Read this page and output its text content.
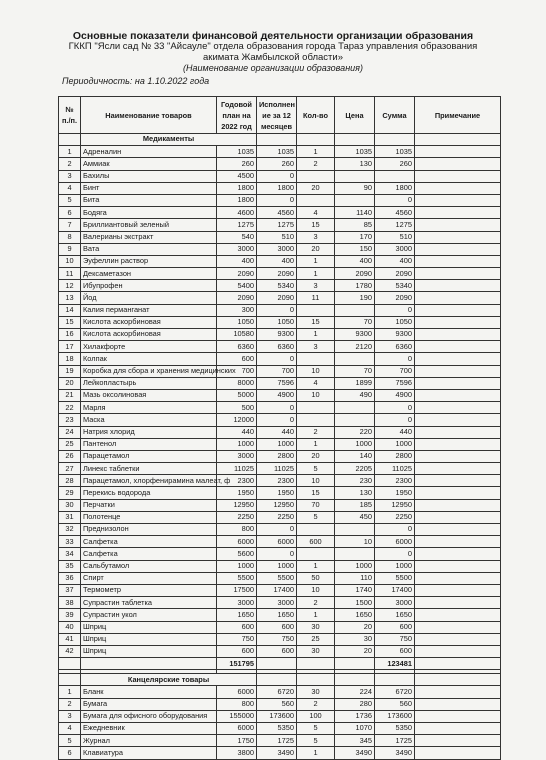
Основные показатели финансовой деятельности организации образования
ГККП "Ясли сад № 33 "Айсауле" отдела образования города Тараз управления образования
акимата Жамбылской области»
(Наименование организации образования)
Периодичность: на 1.10.2022 года
№ п./п.	Наименование товаров	Годовой план на 2022 год	Исполнен ие за 12 месяцев	Кол-во	Цена	Сумма	Примечание
	Медикаменты						
1	Адреналин	1035	1035	1	1035	1035	
2	Аммиак	260	260	2	130	260	
3	Бахилы	4500	0				
4	Бинт	1800	1800	20	90	1800	
5	Бита	1800	0			0	
6	Бодяга	4600	4560	4	1140	4560	
7	Бриллиантовый зеленый	1275	1275	15	85	1275	
8	Валерианы экстракт	540	510	3	170	510	
9	Вата	3000	3000	20	150	3000	
10	Эуфеллин раствор	400	400	1	400	400	
11	Дексаметазон	2090	2090	1	2090	2090	
12	Ибупрофен	5400	5340	3	1780	5340	
13	Йод	2090	2090	11	190	2090	
14	Калия перманганат	300	0			0	
15	Кислота аскорбиновая	1050	1050	15	70	1050	
16	Кислота аскорбиновая	10580	9300	1	9300	9300	
17	Хилакфорте	6360	6360	3	2120	6360	
18	Колпак	600	0			0	
19	Коробка для сбора и хранения медицинских	700	700	10	70	700	
20	Лейкопластырь	8000	7596	4	1899	7596	
21	Мазь оксолиновая	5000	4900	10	490	4900	
22	Марля	500	0			0	
23	Маска	12000	0			0	
24	Натрия хлорид	440	440	2	220	440	
25	Пантенол	1000	1000	1	1000	1000	
26	Парацетамол	3000	2800	20	140	2800	
27	Линекс таблетки	11025	11025	5	2205	11025	
28	Парацетамол, хлорфенирамина малеат, ф	2300	2300	10	230	2300	
29	Перекись водорода	1950	1950	15	130	1950	
30	Перчатки	12950	12950	70	185	12950	
31	Полотенце	2250	2250	5	450	2250	
32	Преднизолон	800	0			0	
33	Салфетка	6000	6000	600	10	6000	
34	Салфетка	5600	0			0	
35	Сальбутамол	1000	1000	1	1000	1000	
36	Спирт	5500	5500	50	110	5500	
37	Термометр	17500	17400	10	1740	17400	
38	Супрастин таблетка	3000	3000	2	1500	3000	
39	Супрастин укол	1650	1650	1	1650	1650	
40	Шприц	600	600	30	20	600	
41	Шприц	750	750	25	30	750	
42	Шприц	600	600	30	20	600	
		151795				123481	

	Канцелярские товары						
1	Бланк	6000	6720	30	224	6720	
2	Бумага	800	560	2	280	560	
3	Бумага для офисного оборудования	155000	173600	100	1736	173600	
4	Ежедневник	6000	5350	5	1070	5350	
5	Журнал	1750	1725	5	345	1725	
6	Клавиатура	3800	3490	1	3490	3490	
